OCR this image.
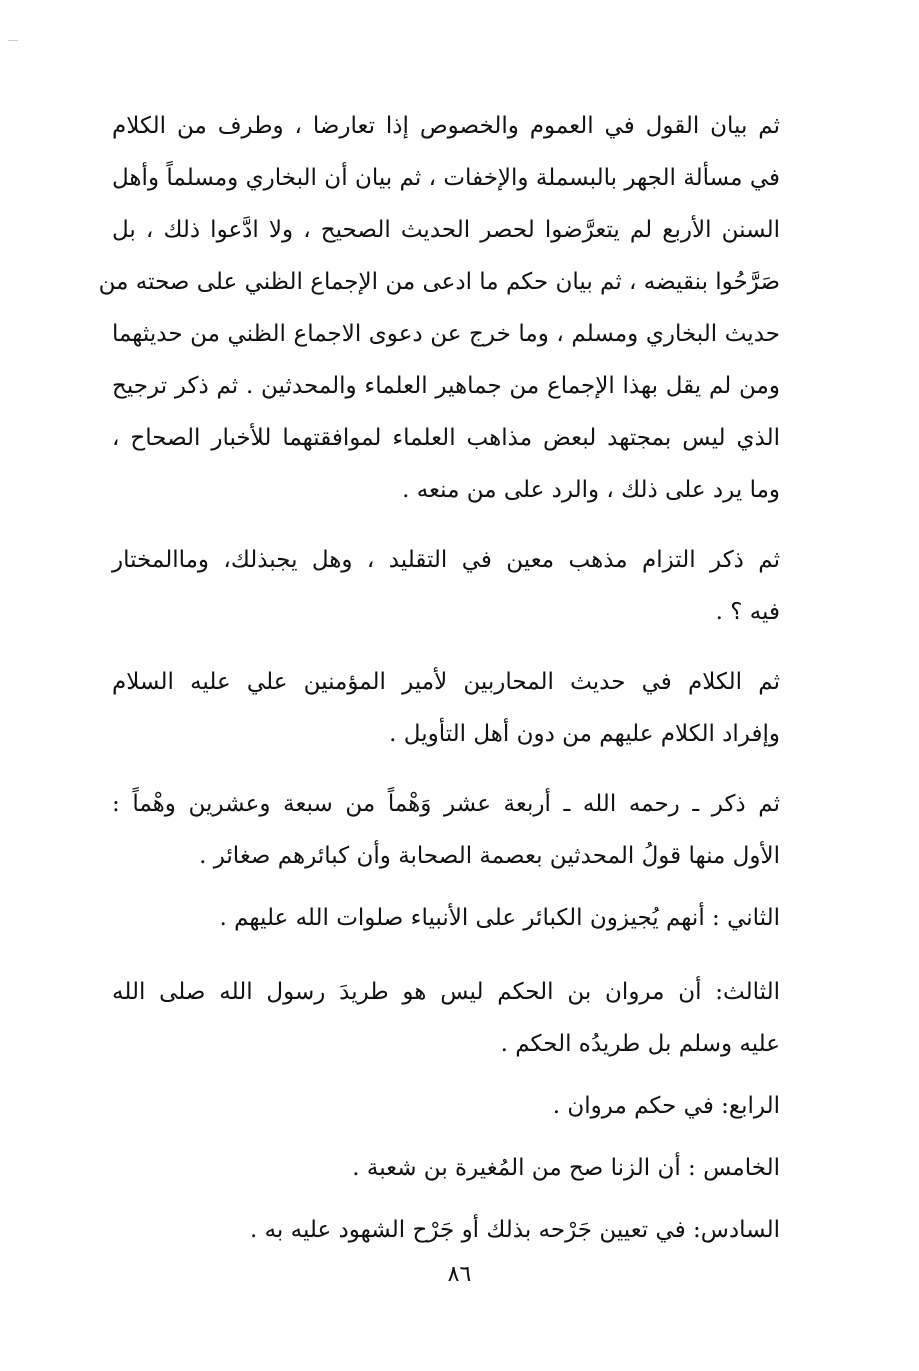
ثم بيان القول في العموم والخصوص إذا تعارضا ، وطرف من الكلام
في مسألة الجهر بالبسملة والإخفات ، ثم بيان أن البخاري ومسلماً وأهل
السنن الأربع لم يتعرَّضوا لحصر الحديث الصحيح ، ولا ادَّعوا ذلك ، بل
صَرَّحُوا بنقيضه ، ثم بيان حكم ما ادعى من الإجماع الظني على صحته من
حديث البخاري ومسلم ، وما خرج عن دعوى الاجماع الظني من حديثهما
ومن لم يقل بهذا الإجماع من جماهير العلماء والمحدثين . ثم ذكر ترجيح
الذي ليس بمجتهد لبعض مذاهب العلماء لموافقتهما للأخبار الصحاح ،
وما يرد على ذلك ، والرد على من منعه .
ثم ذكر التزام مذهب معين في التقليد ، وهل يجبذلك، وماالمختار
فيه ؟ .
ثم الكلام في حديث المحاربين لأمير المؤمنين علي عليه السلام
وإفراد الكلام عليهم من دون أهل التأويل .
ثم ذكر ـ رحمه الله ـ أربعة عشر وَهْماً من سبعة وعشرين وهْماً :
الأول منها قولُ المحدثين بعصمة الصحابة وأن كبائرهم صغائر .
الثاني : أنهم يُجيزون الكبائر على الأنبياء صلوات الله عليهم .
الثالث: أن مروان بن الحكم ليس هو طريدَ رسول الله صلى الله
عليه وسلم بل طريدُه الحكم .
الرابع: في حكم مروان .
الخامس : أن الزنا صح من المُغيرة بن شعبة .
السادس: في تعيين جَرْحه بذلك أو جَرْح الشهود عليه به .
٨٦
